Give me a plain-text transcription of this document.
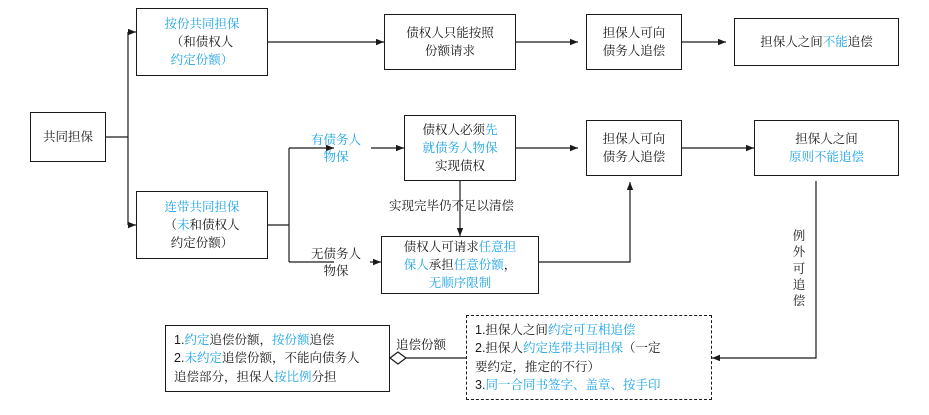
共同担保
按份共同担保
（和债权人
约定份额）
债权人只能按照
份额请求
担保人可向
债务人追偿
担保人之间不能追偿
连带共同担保
（未和债权人
约定份额）
有债务人
物保
无债务人
物保
债权人必须先
就债务人物保
实现债权
实现完毕仍不足以清偿
债权人可请求任意担
保人承担任意份额，
无顺序限制
担保人可向
债务人追偿
担保人之间
原则不能追偿
例外可追偿
1.约定追偿份额，按份额追偿
2.未约定追偿份额，不能向债务人
追偿部分，担保人按比例分担
追偿份额
1.担保人之间约定可互相追偿
2.担保人约定连带共同担保（一定
要约定，推定的不行）
3.同一合同书签字、盖章、按手印
